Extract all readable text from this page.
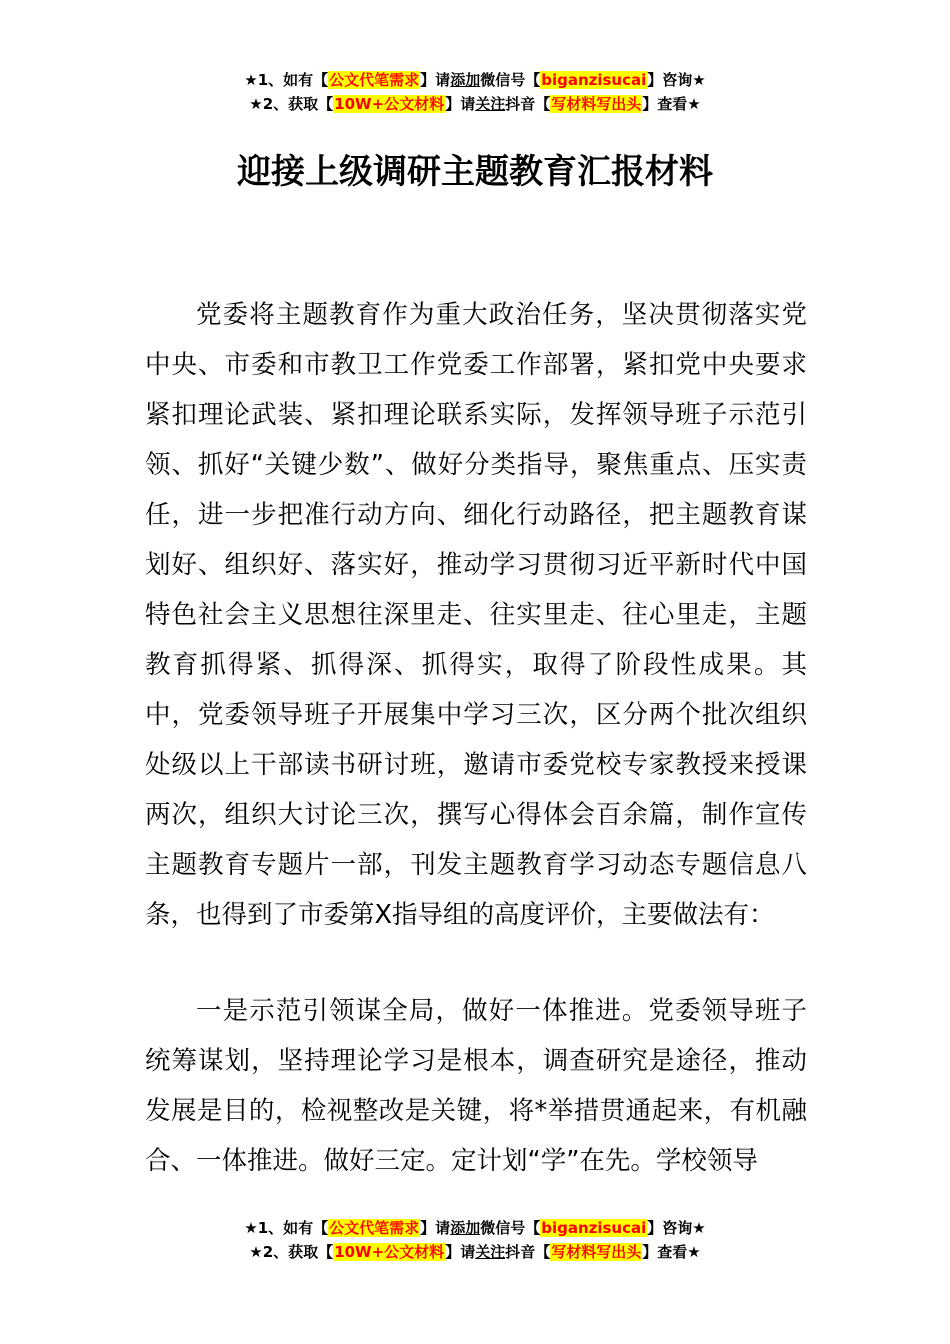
★1、如有【公文代笔需求】请添加微信号【biganzisucai】咨询★
★2、获取【10W+公文材料】请关注抖音【写材料写出头】查看★
迎接上级调研主题教育汇报材料

党委将主题教育作为重大政治任务，坚决贯彻落实党中央、市委和市教卫工作党委工作部署，紧扣党中央要求紧扣理论武装、紧扣理论联系实际，发挥领导班子示范引领、抓好“关键少数”、做好分类指导，聚焦重点、压实责任，进一步把准行动方向、细化行动路径，把主题教育谋划好、组织好、落实好，推动学习贯彻习近平新时代中国特色社会主义思想往深里走、往实里走、往心里走，主题教育抓得紧、抓得深、抓得实，取得了阶段性成果。其中，党委领导班子开展集中学习三次，区分两个批次组织处级以上干部读书研讨班，邀请市委党校专家教授来授课两次，组织大讨论三次，撰写心得体会百余篇，制作宣传主题教育专题片一部，刊发主题教育学习动态专题信息八条，也得到了市委第X指导组的高度评价，主要做法有：

一是示范引领谋全局，做好一体推进。党委领导班子统筹谋划，坚持理论学习是根本，调查研究是途径，推动发展是目的，检视整改是关键，将*举措贯通起来，有机融合、一体推进。做好三定。定计划“学”在先。学校领导

★1、如有【公文代笔需求】请添加微信号【biganzisucai】咨询★
★2、获取【10W+公文材料】请关注抖音【写材料写出头】查看★
